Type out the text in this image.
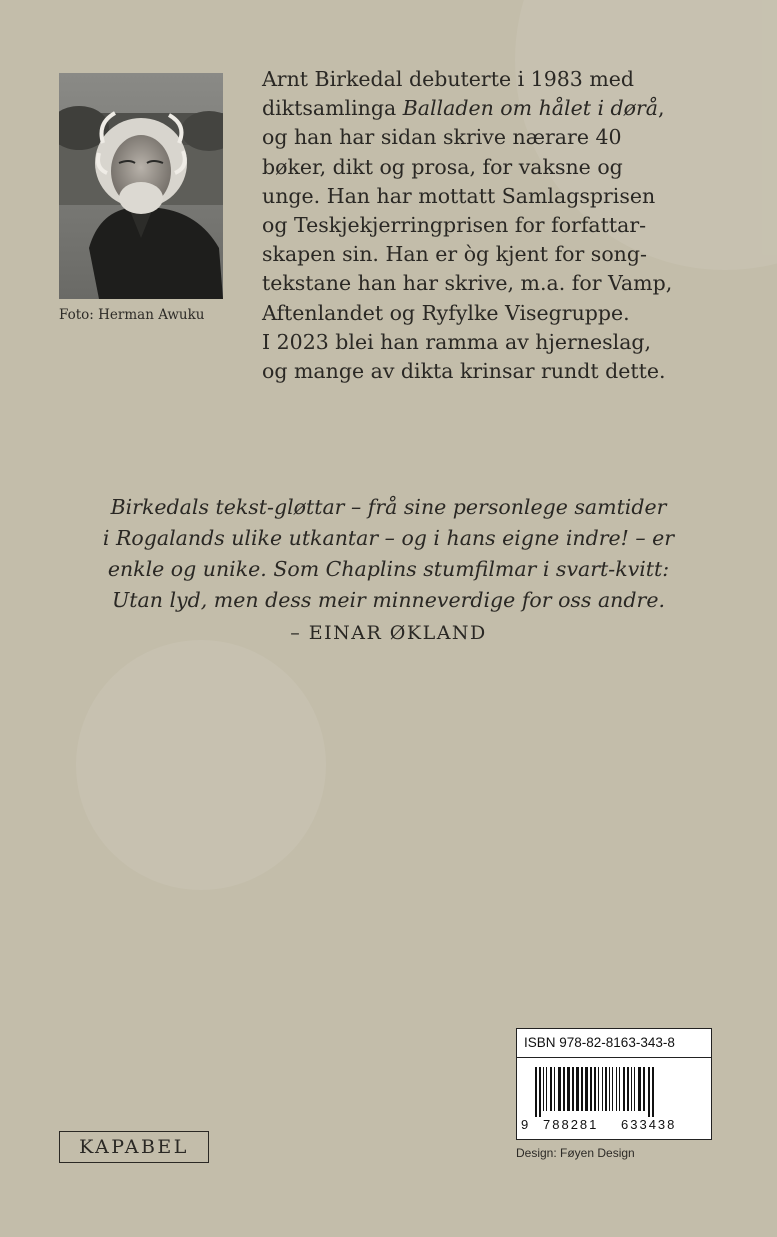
Foto: Herman Awuku
Arnt Birkedal debuterte i 1983 med
diktsamlinga Balladen om hålet i dørå,
og han har sidan skrive nærare 40
bøker, dikt og prosa, for vaksne og
unge. Han har mottatt Samlagsprisen
og Teskjekjerringprisen for forfattar-
skapen sin. Han er òg kjent for song-
tekstane han har skrive, m.a. for Vamp,
Aftenlandet og Ryfylke Visegruppe.
I 2023 blei han ramma av hjerneslag,
og mange av dikta krinsar rundt dette.
Birkedals tekst-gløttar – frå sine personlege samtider
i Rogalands ulike utkantar – og i hans eigne indre! – er
enkle og unike. Som Chaplins stumfilmar i svart-kvitt:
Utan lyd, men dess meir minneverdige for oss andre.
– EINAR ØKLAND
ISBN 978-82-8163-343-8
9 788281 633438
Design: Føyen Design
KAPABEL
